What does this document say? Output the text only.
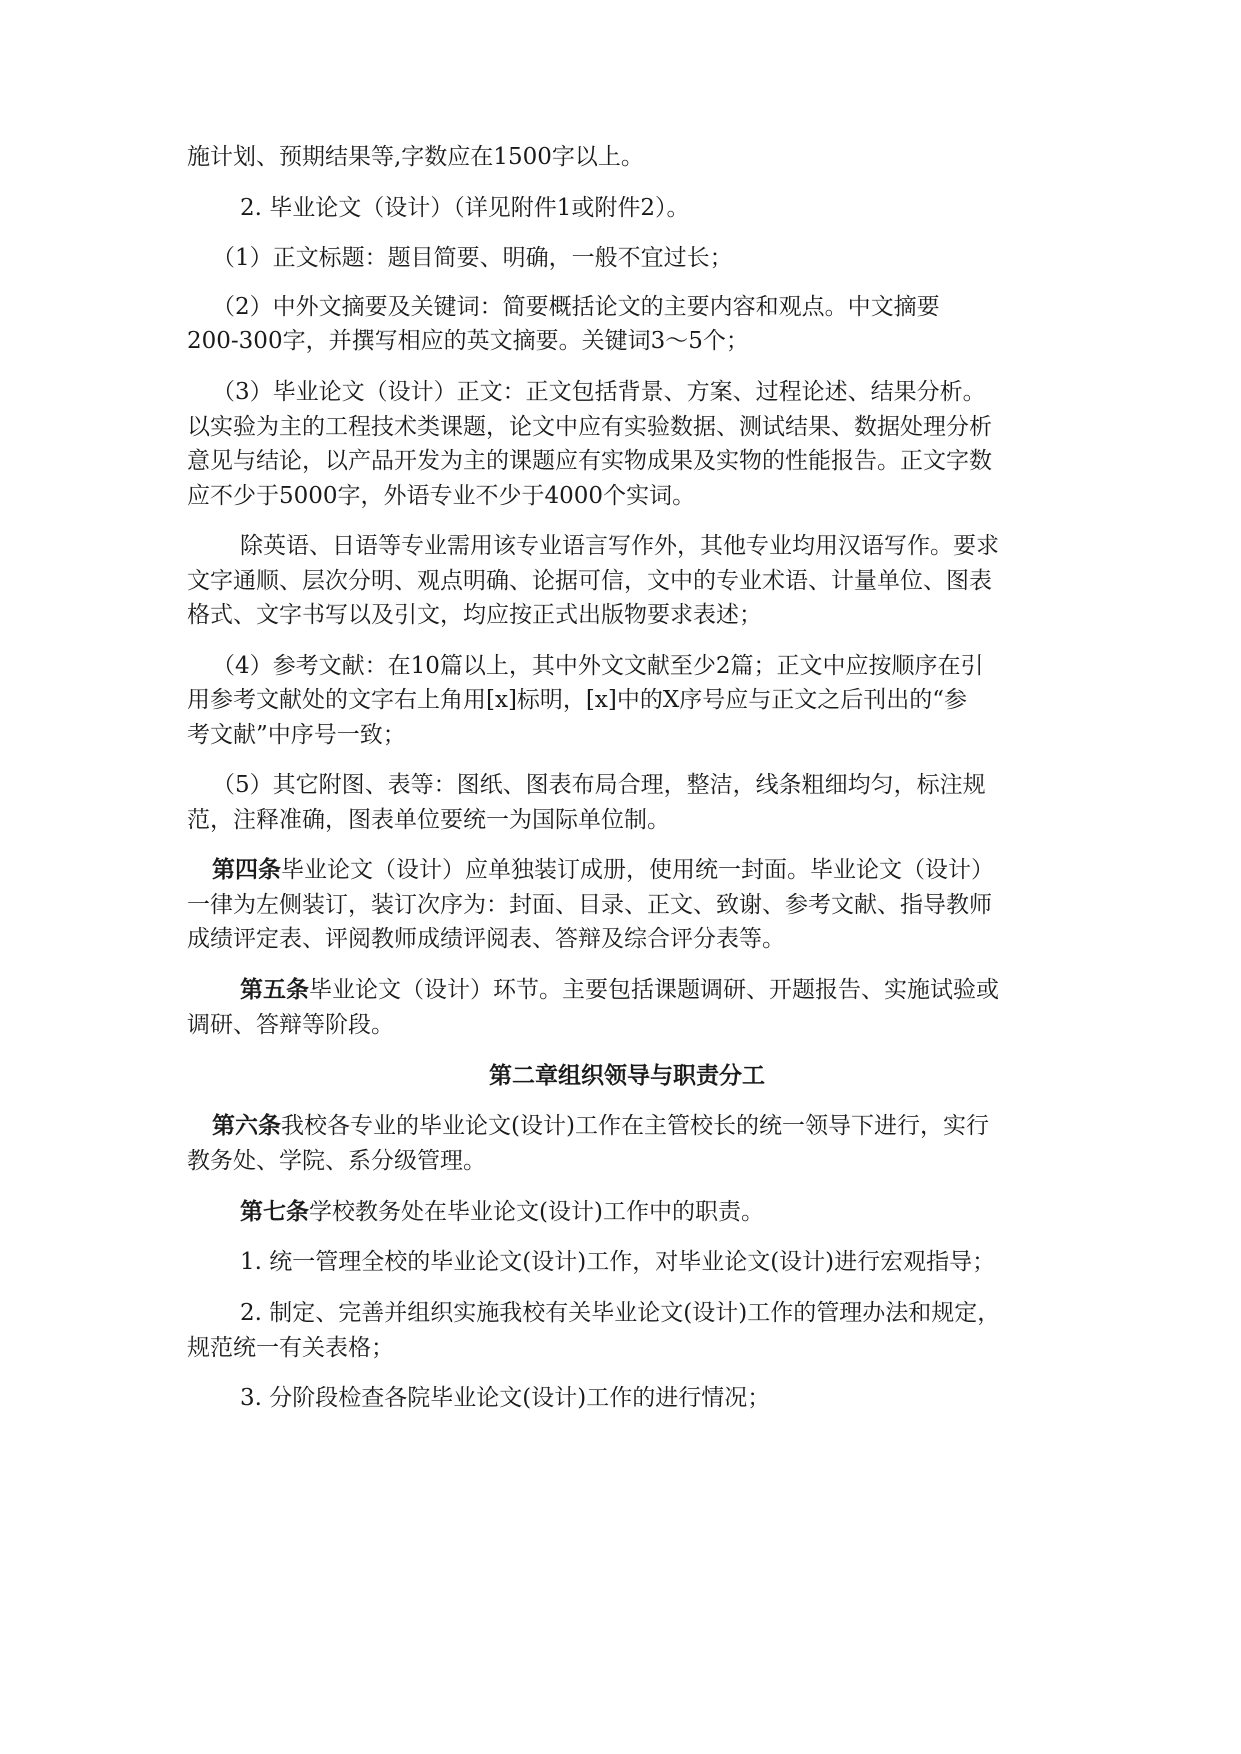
施计划、预期结果等,字数应在1500字以上。
2. 毕业论文（设计）（详见附件1或附件2）。
（1）正文标题：题目简要、明确，一般不宜过长；
（2）中外文摘要及关键词：简要概括论文的主要内容和观点。中文摘要
200-300字，并撰写相应的英文摘要。关键词3～5个；
（3）毕业论文（设计）正文：正文包括背景、方案、过程论述、结果分析。
以实验为主的工程技术类课题，论文中应有实验数据、测试结果、数据处理分析
意见与结论，以产品开发为主的课题应有实物成果及实物的性能报告。正文字数
应不少于5000字，外语专业不少于4000个实词。
除英语、日语等专业需用该专业语言写作外，其他专业均用汉语写作。要求
文字通顺、层次分明、观点明确、论据可信，文中的专业术语、计量单位、图表
格式、文字书写以及引文，均应按正式出版物要求表述；
（4）参考文献：在10篇以上，其中外文文献至少2篇；正文中应按顺序在引
用参考文献处的文字右上角用[x]标明，[x]中的X序号应与正文之后刊出的“参
考文献”中序号一致；
（5）其它附图、表等：图纸、图表布局合理，整洁，线条粗细均匀，标注规
范，注释准确，图表单位要统一为国际单位制。
第四条毕业论文（设计）应单独装订成册，使用统一封面。毕业论文（设计）
一律为左侧装订，装订次序为：封面、目录、正文、致谢、参考文献、指导教师
成绩评定表、评阅教师成绩评阅表、答辩及综合评分表等。
第五条毕业论文（设计）环节。主要包括课题调研、开题报告、实施试验或
调研、答辩等阶段。
第二章组织领导与职责分工
第六条我校各专业的毕业论文(设计)工作在主管校长的统一领导下进行，实行
教务处、学院、系分级管理。
第七条学校教务处在毕业论文(设计)工作中的职责。
1. 统一管理全校的毕业论文(设计)工作，对毕业论文(设计)进行宏观指导；
2. 制定、完善并组织实施我校有关毕业论文(设计)工作的管理办法和规定，
规范统一有关表格；
3. 分阶段检查各院毕业论文(设计)工作的进行情况；
